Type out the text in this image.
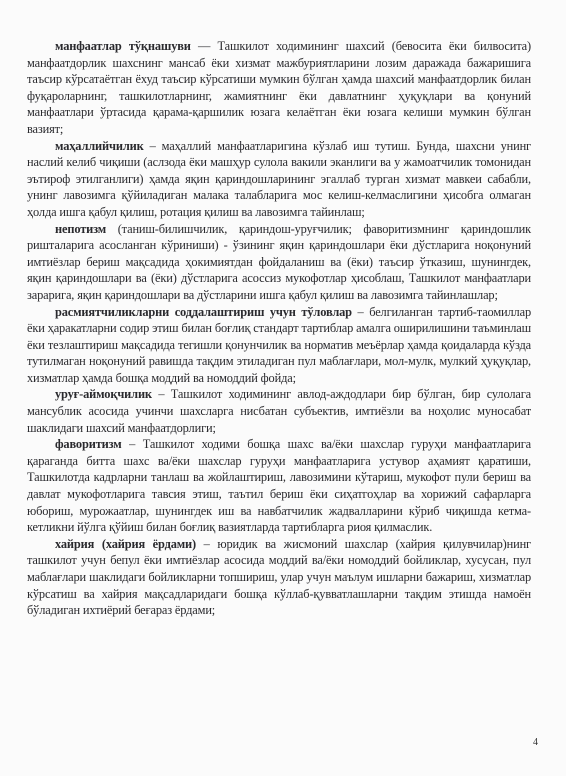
манфаатлар тўқнашуви — Ташкилот ходимининг шахсий (бевосита ёки билвосита) манфаатдорлик шахснинг мансаб ёки хизмат мажбуриятларини лозим даражада бажаришига таъсир кўрсатаётган ёхуд таъсир кўрсатиши мумкин бўлган ҳамда шахсий манфаатдорлик билан фуқароларнинг, ташкилотларнинг, жамиятнинг ёки давлатнинг ҳуқуқлари ва қонуний манфаатлари ўртасида қарама-қаршилик юзага келаётган ёки юзага келиши мумкин бўлган вазият;

маҳаллийчилик – маҳаллий манфаатларигина кўзлаб иш тутиш. Бунда, шахсни унинг наслий келиб чиқиши (аслзода ёки машҳур сулола вакили эканлиги ва у жамоатчилик томонидан эътироф этилганлиги) ҳамда яқин қариндошларининг эгаллаб турган хизмат мавкеи сабабли, унинг лавозимга қўйиладиган малака талабларига мос келиш-келмаслигини ҳисобга олмаган ҳолда ишга қабул қилиш, ротация қилиш ва лавозимга тайинлаш;

непотизм (таниш-билишчилик, қариндош-уруғчилик; фаворитизмнинг қариндошлик ришталарига асосланган кўриниши) - ўзининг яқин қариндошлари ёки дўстларига ноқонуний имтиёзлар бериш мақсадида ҳокимиятдан фойдаланиш ва (ёки) таъсир ўтказиш, шунингдек, яқин қариндошлари ва (ёки) дўстларига асоссиз мукофотлар ҳисоблаш, Ташкилот манфаатлари зарарига, яқин қариндошлари ва дўстларини ишга қабул қилиш ва лавозимга тайинлашлар;

расмиятчиликларни соддалаштириш учун тўловлар – белгиланган тартиб-таомиллар ёки ҳаракатларни содир этиш билан боғлиқ стандарт тартиблар амалга оширилишини таъминлаш ёки тезлаштириш мақсадида тегишли қонунчилик ва норматив меъёрлар ҳамда қоидаларда кўзда тутилмаган ноқонуний равишда тақдим этиладиган пул маблағлари, мол-мулк, мулкий ҳуқуқлар, хизматлар ҳамда бошқа моддий ва номоддий фойда;

уруғ-аймоқчилик – Ташкилот ходимининг авлод-аждодлари бир бўлган, бир сулолага мансублик асосида учинчи шахсларга нисбатан субъектив, имтиёзли ва ноҳолис муносабат шаклидаги шахсий манфаатдорлиги;

фаворитизм – Ташкилот ходими бошқа шахс ва/ёки шахслар гуруҳи манфаатларига қараганда битта шахс ва/ёки шахслар гуруҳи манфаатларига устувор аҳамият қаратиши, Ташкилотда кадрларни танлаш ва жойлаштириш, лавозимини кўтариш, мукофот пули бериш ва давлат мукофотларига тавсия этиш, таътил бериш ёки сиҳатгоҳлар ва хорижий сафарларга юбориш, мурожаатлар, шунингдек иш ва навбатчилик жадвалларини кўриб чиқишда кетма-кетликни йўлга қўйиш билан боғлиқ вазиятларда тартибларга риоя қилмаслик.

хайрия (хайрия ёрдами) – юридик ва жисмоний шахслар (хайрия қилувчилар)нинг ташкилот учун бепул ёки имтиёзлар асосида моддий ва/ёки номоддий бойликлар, хусусан, пул маблағлари шаклидаги бойликларни топшириш, улар учун маълум ишларни бажариш, хизматлар кўрсатиш ва хайрия мақсадларидаги бошқа кўллаб-қувватлашларни тақдим этишда намоён бўладиган ихтиёрий беғараз ёрдами;

4
